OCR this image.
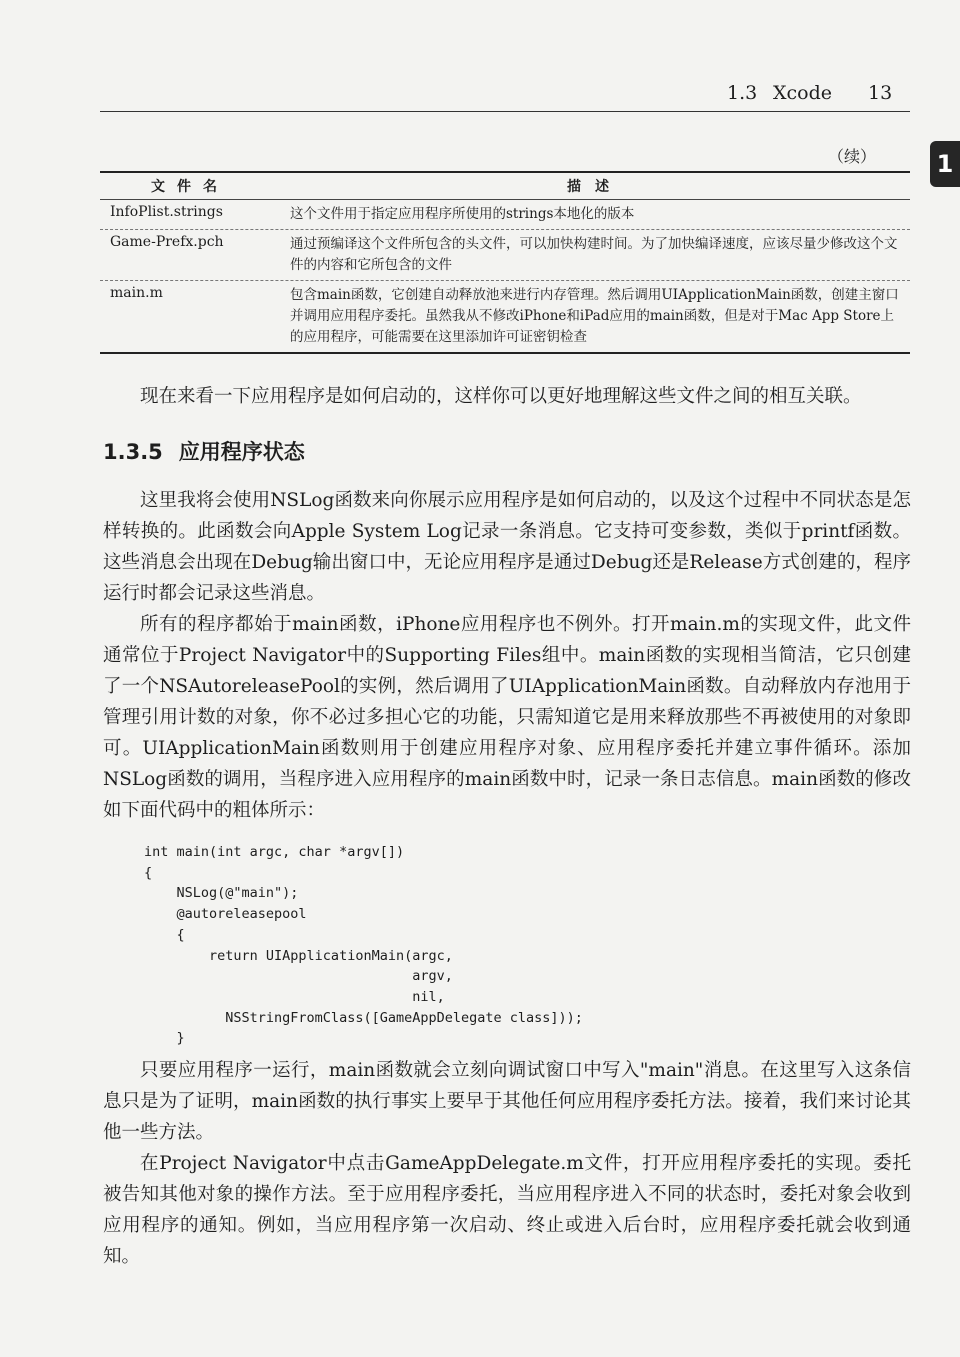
1.3 Xcode 13
1
（续）
文件名	描述
InfoPlist.strings	这个文件用于指定应用程序所使用的strings本地化的版本
Game-Prefx.pch	通过预编译这个文件所包含的头文件，可以加快构建时间。为了加快编译速度，应该尽量少修改这个文件的内容和它所包含的文件
main.m	包含main函数，它创建自动释放池来进行内存管理。然后调用UIApplicationMain函数，创建主窗口并调用应用程序委托。虽然我从不修改iPhone和iPad应用的main函数，但是对于Mac App Store上的应用程序，可能需要在这里添加许可证密钥检查

现在来看一下应用程序是如何启动的，这样你可以更好地理解这些文件之间的相互关联。

1.3.5 应用程序状态

这里我将会使用NSLog函数来向你展示应用程序是如何启动的，以及这个过程中不同状态是怎样转换的。此函数会向Apple System Log记录一条消息。它支持可变参数，类似于printf函数。这些消息会出现在Debug输出窗口中，无论应用程序是通过Debug还是Release方式创建的，程序运行时都会记录这些消息。

所有的程序都始于main函数，iPhone应用程序也不例外。打开main.m的实现文件，此文件通常位于Project Navigator中的Supporting Files组中。main函数的实现相当简洁，它只创建了一个NSAutoreleasePool的实例，然后调用了UIApplicationMain函数。自动释放内存池用于管理引用计数的对象，你不必过多担心它的功能，只需知道它是用来释放那些不再被使用的对象即可。UIApplicationMain函数则用于创建应用程序对象、应用程序委托并建立事件循环。添加NSLog函数的调用，当程序进入应用程序的main函数中时，记录一条日志信息。main函数的修改如下面代码中的粗体所示：

int main(int argc, char *argv[])
{
NSLog(@"main");
@autoreleasepool
{
return UIApplicationMain(argc,
argv,
nil,
NSStringFromClass([GameAppDelegate class]));
}

只要应用程序一运行，main函数就会立刻向调试窗口中写入"main"消息。在这里写入这条信息只是为了证明，main函数的执行事实上要早于其他任何应用程序委托方法。接着，我们来讨论其他一些方法。

在Project Navigator中点击GameAppDelegate.m文件，打开应用程序委托的实现。委托被告知其他对象的操作方法。至于应用程序委托，当应用程序进入不同的状态时，委托对象会收到应用程序的通知。例如，当应用程序第一次启动、终止或进入后台时，应用程序委托就会收到通知。
